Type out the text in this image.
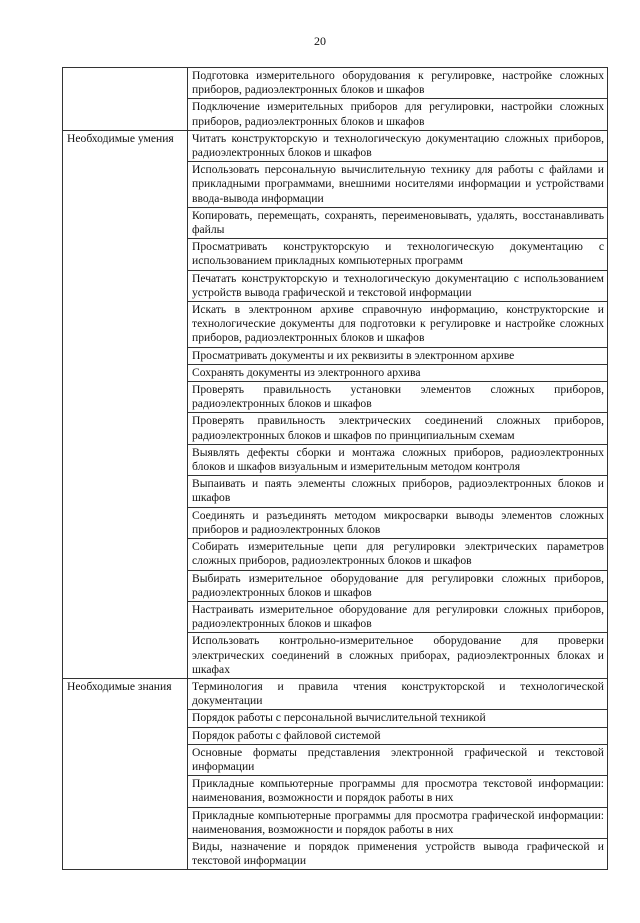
20
	Подготовка измерительного оборудования к регулировке, настройке сложных приборов, радиоэлектронных блоков и шкафов
	Подключение измерительных приборов для регулировки, настройки сложных приборов, радиоэлектронных блоков и шкафов
Необходимые умения	Читать конструкторскую и технологическую документацию сложных приборов, радиоэлектронных блоков и шкафов
	Использовать персональную вычислительную технику для работы с файлами и прикладными программами, внешними носителями информации и устройствами ввода-вывода информации
	Копировать, перемещать, сохранять, переименовывать, удалять, восстанавливать файлы
	Просматривать конструкторскую и технологическую документацию с использованием прикладных компьютерных программ
	Печатать конструкторскую и технологическую документацию с использованием устройств вывода графической и текстовой информации
	Искать в электронном архиве справочную информацию, конструкторские и технологические документы для подготовки к регулировке и настройке сложных приборов, радиоэлектронных блоков и шкафов
	Просматривать документы и их реквизиты в электронном архиве
	Сохранять документы из электронного архива
	Проверять правильность установки элементов сложных приборов, радиоэлектронных блоков и шкафов
	Проверять правильность электрических соединений сложных приборов, радиоэлектронных блоков и шкафов по принципиальным схемам
	Выявлять дефекты сборки и монтажа сложных приборов, радиоэлектронных блоков и шкафов визуальным и измерительным методом контроля
	Выпаивать и паять элементы сложных приборов, радиоэлектронных блоков и шкафов
	Соединять и разъединять методом микросварки выводы элементов сложных приборов и радиоэлектронных блоков
	Собирать измерительные цепи для регулировки электрических параметров сложных приборов, радиоэлектронных блоков и шкафов
	Выбирать измерительное оборудование для регулировки сложных приборов, радиоэлектронных блоков и шкафов
	Настраивать измерительное оборудование для регулировки сложных приборов, радиоэлектронных блоков и шкафов
	Использовать контрольно-измерительное оборудование для проверки электрических соединений в сложных приборах, радиоэлектронных блоках и шкафах
Необходимые знания	Терминология и правила чтения конструкторской и технологической документации
	Порядок работы с персональной вычислительной техникой
	Порядок работы с файловой системой
	Основные форматы представления электронной графической и текстовой информации
	Прикладные компьютерные программы для просмотра текстовой информации: наименования, возможности и порядок работы в них
	Прикладные компьютерные программы для просмотра графической информации: наименования, возможности и порядок работы в них
	Виды, назначение и порядок применения устройств вывода графической и текстовой информации
